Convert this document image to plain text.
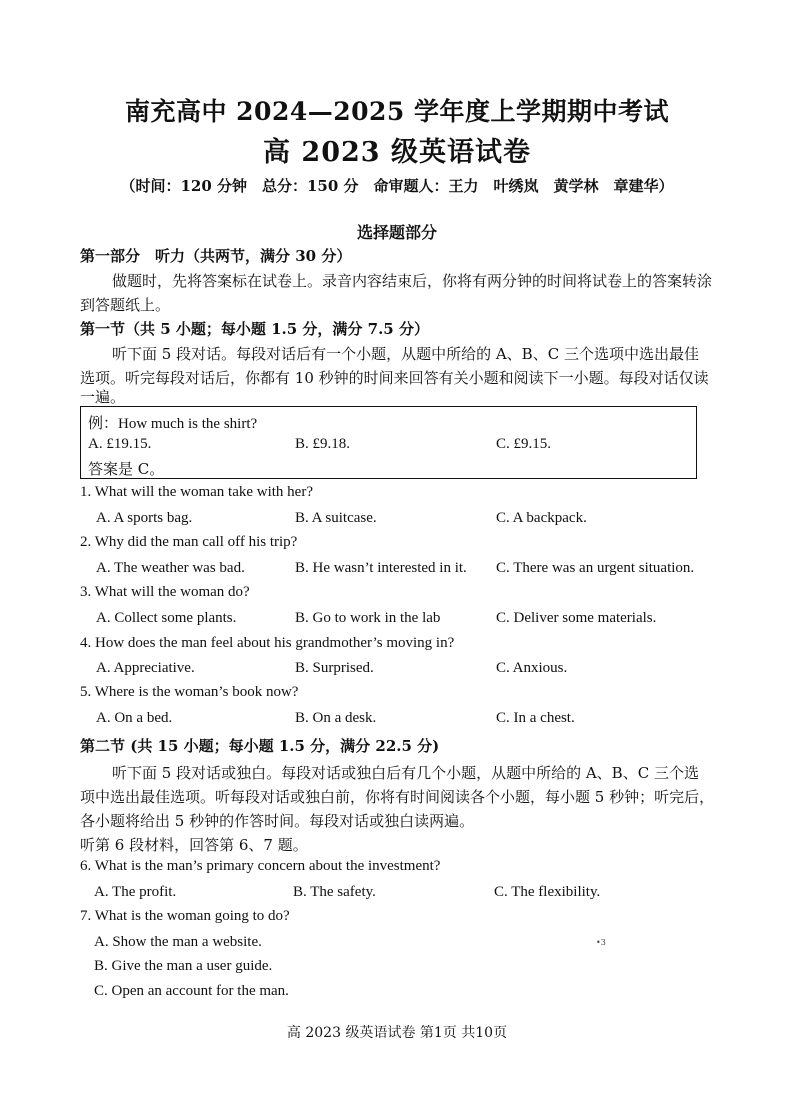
南充高中 2024—2025 学年度上学期期中考试
高 2023 级英语试卷
（时间：120 分钟　总分：150 分　命审题人：王力　叶绣岚　黄学林　章建华）
选择题部分
第一部分　听力（共两节，满分 30 分）
做题时，先将答案标在试卷上。录音内容结束后，你将有两分钟的时间将试卷上的答案转涂
到答题纸上。
第一节（共 5 小题；每小题 1.5 分，满分 7.5 分）
听下面 5 段对话。每段对话后有一个小题，从题中所给的 A、B、C 三个选项中选出最佳
选项。听完每段对话后，你都有 10 秒钟的时间来回答有关小题和阅读下一小题。每段对话仅读
一遍。
例：How much is the shirt?
A. £19.15.	B. £9.18.	C. £9.15.
答案是 C。
1. What will the woman take with her?
A. A sports bag.	B. A suitcase.	C. A backpack.
2. Why did the man call off his trip?
A. The weather was bad.	B. He wasn’t interested in it. C. There was an urgent situation.
3. What will the woman do?
A. Collect some plants.	B. Go to work in the lab	C. Deliver some materials.
4. How does the man feel about his grandmother’s moving in?
A. Appreciative.	B. Surprised.	C. Anxious.
5. Where is the woman’s book now?
A. On a bed.	B. On a desk.	C. In a chest.
第二节 (共 15 小题；每小题 1.5 分，满分 22.5 分)
听下面 5 段对话或独白。每段对话或独白后有几个小题，从题中所给的 A、B、C 三个选
项中选出最佳选项。听每段对话或独白前，你将有时间阅读各个小题，每小题 5 秒钟；听完后，
各小题将给出 5 秒钟的作答时间。每段对话或独白读两遍。
听第 6 段材料，回答第 6、7 题。
6. What is the man’s primary concern about the investment?
A. The profit.	B. The safety.	C. The flexibility.
7. What is the woman going to do?
A. Show the man a website.
B. Give the man a user guide.
C. Open an account for the man.
•3
高 2023 级英语试卷 第1页 共10页
